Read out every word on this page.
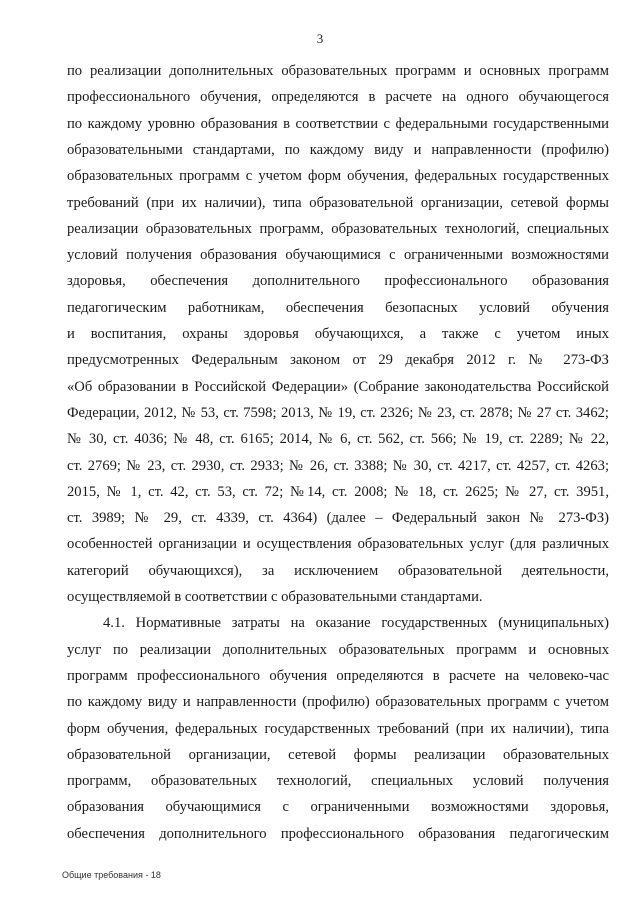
3
по реализации дополнительных образовательных программ и основных программ
профессионального обучения, определяются в расчете на одного обучающегося
по каждому уровню образования в соответствии с федеральными государственными
образовательными стандартами, по каждому виду и направленности (профилю)
образовательных программ с учетом форм обучения, федеральных государственных
требований (при их наличии), типа образовательной организации, сетевой формы
реализации образовательных программ, образовательных технологий, специальных
условий получения образования обучающимися с ограниченными возможностями
здоровья, обеспечения дополнительного профессионального образования
педагогическим работникам, обеспечения безопасных условий обучения
и воспитания, охраны здоровья обучающихся, а также с учетом иных
предусмотренных Федеральным законом от 29 декабря 2012 г. № 273-ФЗ
«Об образовании в Российской Федерации» (Собрание законодательства Российской
Федерации, 2012, № 53, ст. 7598; 2013, № 19, ст. 2326; № 23, ст. 2878; № 27 ст. 3462;
№ 30, ст. 4036; № 48, ст. 6165; 2014, № 6, ст. 562, ст. 566; № 19, ст. 2289; № 22,
ст. 2769; № 23, ст. 2930, ст. 2933; № 26, ст. 3388; № 30, ст. 4217, ст. 4257, ст. 4263;
2015, № 1, ст. 42, ст. 53, ст. 72; №14, ст. 2008; № 18, ст. 2625; № 27, ст. 3951,
ст. 3989; № 29, ст. 4339, ст. 4364) (далее – Федеральный закон № 273-ФЗ)
особенностей организации и осуществления образовательных услуг (для различных
категорий обучающихся), за исключением образовательной деятельности,
осуществляемой в соответствии с образовательными стандартами.
4.1. Нормативные затраты на оказание государственных (муниципальных)
услуг по реализации дополнительных образовательных программ и основных
программ профессионального обучения определяются в расчете на человеко-час
по каждому виду и направленности (профилю) образовательных программ с учетом
форм обучения, федеральных государственных требований (при их наличии), типа
образовательной организации, сетевой формы реализации образовательных
программ, образовательных технологий, специальных условий получения
образования обучающимися с ограниченными возможностями здоровья,
обеспечения дополнительного профессионального образования педагогическим
Общие требования - 18
